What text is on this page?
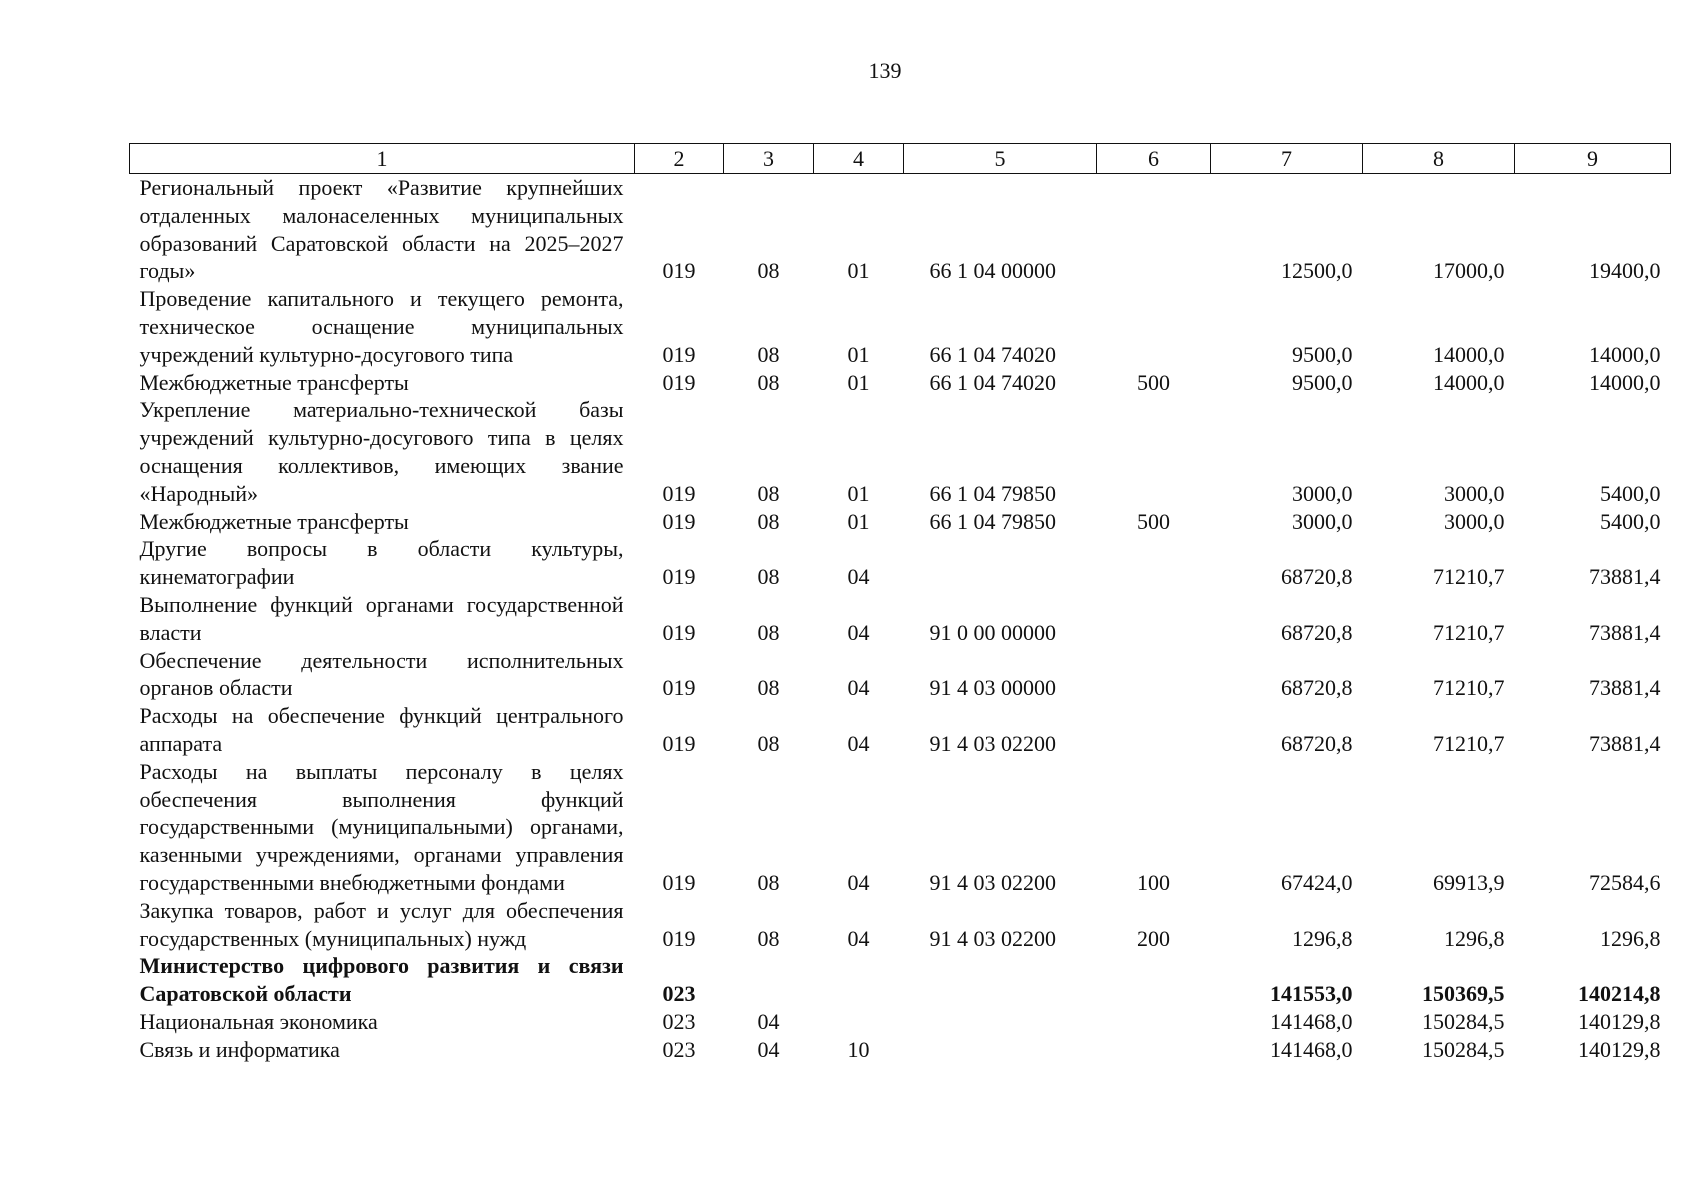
139
1	2	3	4	5	6	7	8	9
Региональный проект «Развитие крупнейших отдаленных малонаселенных муниципальных образований Саратовской области на 2025–2027 годы»	019	08	01	66 1 04 00000		12500,0	17000,0	19400,0
Проведение капитального и текущего ремонта, техническое оснащение муниципальных учреждений культурно-досугового типа	019	08	01	66 1 04 74020		9500,0	14000,0	14000,0
Межбюджетные трансферты	019	08	01	66 1 04 74020	500	9500,0	14000,0	14000,0
Укрепление материально-технической базы учреждений культурно-досугового типа в целях оснащения коллективов, имеющих звание «Народный»	019	08	01	66 1 04 79850		3000,0	3000,0	5400,0
Межбюджетные трансферты	019	08	01	66 1 04 79850	500	3000,0	3000,0	5400,0
Другие вопросы в области культуры, кинематографии	019	08	04			68720,8	71210,7	73881,4
Выполнение функций органами государственной власти	019	08	04	91 0 00 00000		68720,8	71210,7	73881,4
Обеспечение деятельности исполнительных органов области	019	08	04	91 4 03 00000		68720,8	71210,7	73881,4
Расходы на обеспечение функций центрального аппарата	019	08	04	91 4 03 02200		68720,8	71210,7	73881,4
Расходы на выплаты персоналу в целях обеспечения выполнения функций государственными (муниципальными) органами, казенными учреждениями, органами управления государственными внебюджетными фондами	019	08	04	91 4 03 02200	100	67424,0	69913,9	72584,6
Закупка товаров, работ и услуг для обеспечения государственных (муниципальных) нужд	019	08	04	91 4 03 02200	200	1296,8	1296,8	1296,8
Министерство цифрового развития и связи Саратовской области	023					141553,0	150369,5	140214,8
Национальная экономика	023	04				141468,0	150284,5	140129,8
Связь и информатика	023	04	10			141468,0	150284,5	140129,8
